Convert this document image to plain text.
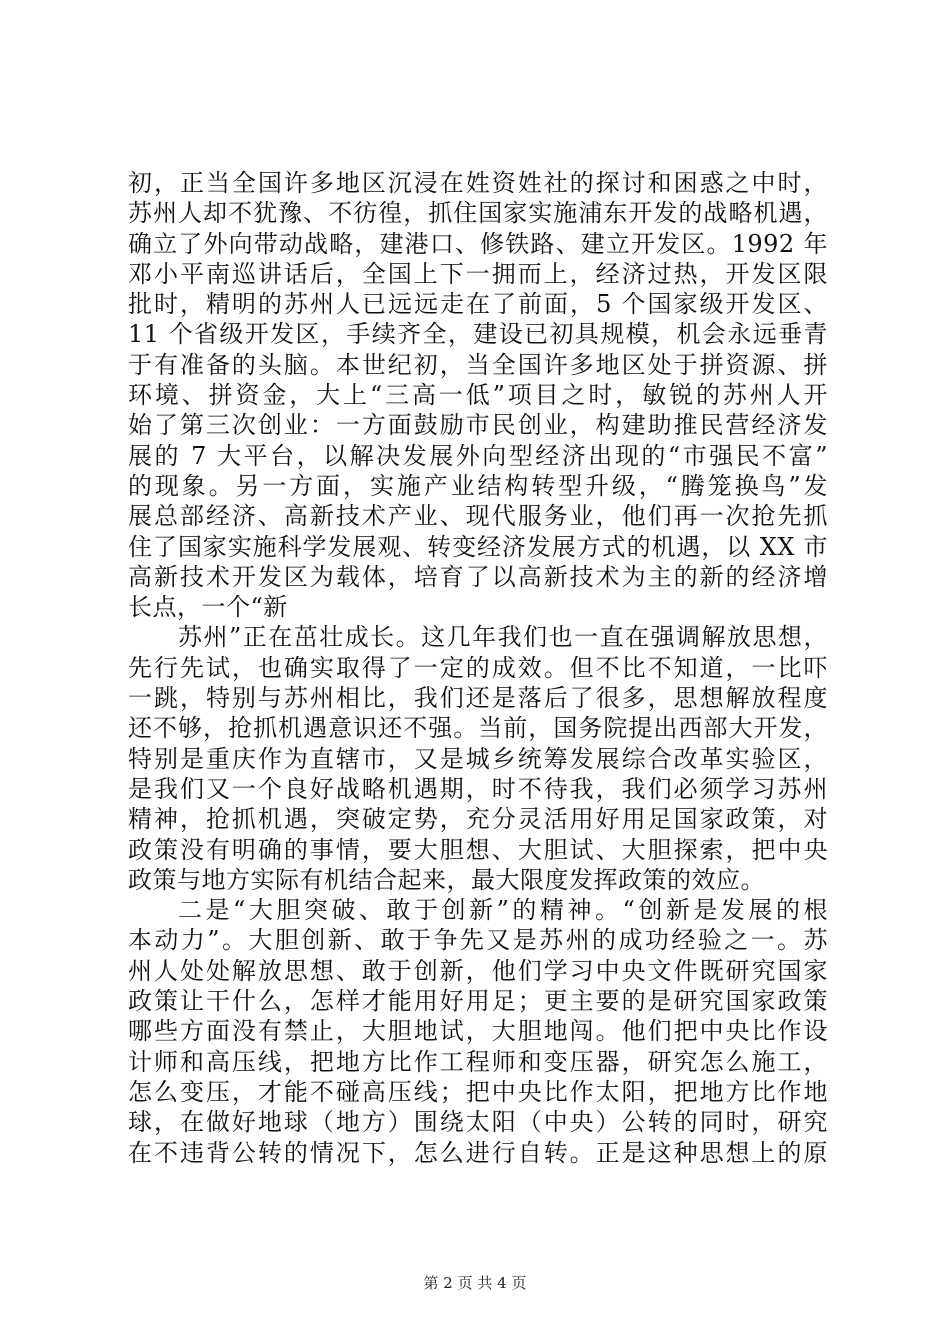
初，正当全国许多地区沉浸在姓资姓社的探讨和困惑之中时，
苏州人却不犹豫、不彷徨，抓住国家实施浦东开发的战略机遇，
确立了外向带动战略，建港口、修铁路、建立开发区。1992 年
邓小平南巡讲话后，全国上下一拥而上，经济过热，开发区限
批时，精明的苏州人已远远走在了前面，5 个国家级开发区、
11 个省级开发区，手续齐全，建设已初具规模，机会永远垂青
于有准备的头脑。本世纪初，当全国许多地区处于拼资源、拼
环境、拼资金，大上“三高一低”项目之时，敏锐的苏州人开
始了第三次创业：一方面鼓励市民创业，构建助推民营经济发
展的 7 大平台，以解决发展外向型经济出现的“市强民不富”
的现象。另一方面，实施产业结构转型升级，“腾笼换鸟”发
展总部经济、高新技术产业、现代服务业，他们再一次抢先抓
住了国家实施科学发展观、转变经济发展方式的机遇，以 XX 市
高新技术开发区为载体，培育了以高新技术为主的新的经济增
长点，一个“新
苏州”正在茁壮成长。这几年我们也一直在强调解放思想，
先行先试，也确实取得了一定的成效。但不比不知道，一比吓
一跳，特别与苏州相比，我们还是落后了很多，思想解放程度
还不够，抢抓机遇意识还不强。当前，国务院提出西部大开发，
特别是重庆作为直辖市，又是城乡统筹发展综合改革实验区，
是我们又一个良好战略机遇期，时不待我，我们必须学习苏州
精神，抢抓机遇，突破定势，充分灵活用好用足国家政策，对
政策没有明确的事情，要大胆想、大胆试、大胆探索，把中央
政策与地方实际有机结合起来，最大限度发挥政策的效应。
二是“大胆突破、敢于创新”的精神。“创新是发展的根
本动力”。大胆创新、敢于争先又是苏州的成功经验之一。苏
州人处处解放思想、敢于创新，他们学习中央文件既研究国家
政策让干什么，怎样才能用好用足；更主要的是研究国家政策
哪些方面没有禁止，大胆地试，大胆地闯。他们把中央比作设
计师和高压线，把地方比作工程师和变压器，研究怎么施工，
怎么变压，才能不碰高压线；把中央比作太阳，把地方比作地
球，在做好地球（地方）围绕太阳（中央）公转的同时，研究
在不违背公转的情况下，怎么进行自转。正是这种思想上的原
第 2 页 共 4 页
